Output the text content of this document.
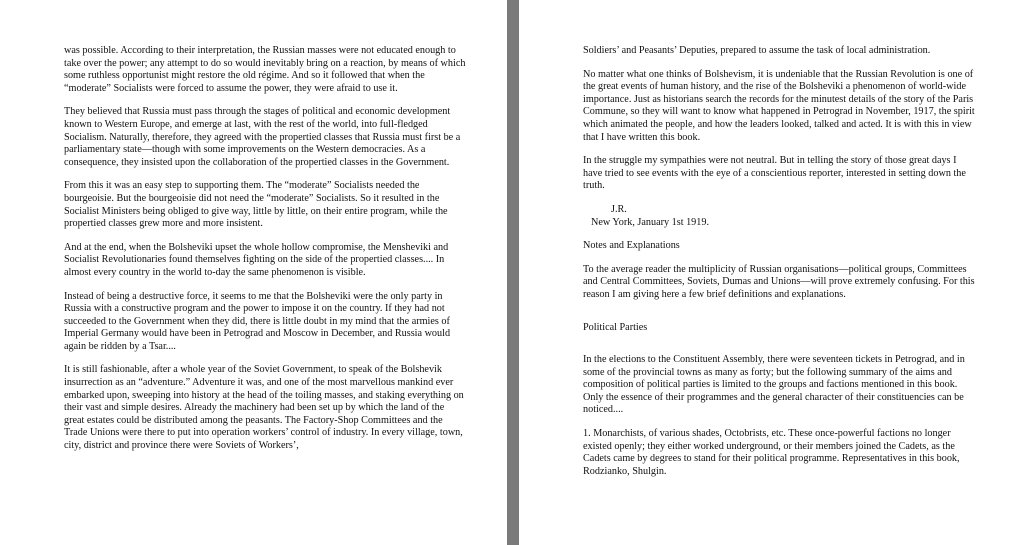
was possible. According to their interpretation, the Russian masses were not educated enough to take over the power; any attempt to do so would inevitably bring on a reaction, by means of which some ruthless opportunist might restore the old régime. And so it followed that when the “moderate” Socialists were forced to assume the power, they were afraid to use it.

They believed that Russia must pass through the stages of political and economic development known to Western Europe, and emerge at last, with the rest of the world, into full-fledged Socialism. Naturally, therefore, they agreed with the propertied classes that Russia must first be a parliamentary state—though with some improvements on the Western democracies. As a consequence, they insisted upon the collaboration of the propertied classes in the Government.

From this it was an easy step to supporting them. The “moderate” Socialists needed the bourgeoisie. But the bourgeoisie did not need the “moderate” Socialists. So it resulted in the Socialist Ministers being obliged to give way, little by little, on their entire program, while the propertied classes grew more and more insistent.

And at the end, when the Bolsheviki upset the whole hollow compromise, the Mensheviki and Socialist Revolutionaries found themselves fighting on the side of the propertied classes.... In almost every country in the world to-day the same phenomenon is visible.

Instead of being a destructive force, it seems to me that the Bolsheviki were the only party in Russia with a constructive program and the power to impose it on the country. If they had not succeeded to the Government when they did, there is little doubt in my mind that the armies of Imperial Germany would have been in Petrograd and Moscow in December, and Russia would again be ridden by a Tsar....

It is still fashionable, after a whole year of the Soviet Government, to speak of the Bolshevik insurrection as an “adventure.” Adventure it was, and one of the most marvellous mankind ever embarked upon, sweeping into history at the head of the toiling masses, and staking everything on their vast and simple desires. Already the machinery had been set up by which the land of the great estates could be distributed among the peasants. The Factory-Shop Committees and the Trade Unions were there to put into operation workers’ control of industry. In every village, town, city, district and province there were Soviets of Workers’,

Soldiers’ and Peasants’ Deputies, prepared to assume the task of local administration.

No matter what one thinks of Bolshevism, it is undeniable that the Russian Revolution is one of the great events of human history, and the rise of the Bolsheviki a phenomenon of world-wide importance. Just as historians search the records for the minutest details of the story of the Paris Commune, so they will want to know what happened in Petrograd in November, 1917, the spirit which animated the people, and how the leaders looked, talked and acted. It is with this in view that I have written this book.

In the struggle my sympathies were not neutral. But in telling the story of those great days I have tried to see events with the eye of a conscientious reporter, interested in setting down the truth.

J.R.
New York, January 1st 1919.

Notes and Explanations

To the average reader the multiplicity of Russian organisations—political groups, Committees and Central Committees, Soviets, Dumas and Unions—will prove extremely confusing. For this reason I am giving here a few brief definitions and explanations.

Political Parties

In the elections to the Constituent Assembly, there were seventeen tickets in Petrograd, and in some of the provincial towns as many as forty; but the following summary of the aims and composition of political parties is limited to the groups and factions mentioned in this book. Only the essence of their programmes and the general character of their constituencies can be noticed....

1. Monarchists, of various shades, Octobrists, etc. These once-powerful factions no longer existed openly; they either worked underground, or their members joined the Cadets, as the Cadets came by degrees to stand for their political programme. Representatives in this book, Rodzianko, Shulgin.
